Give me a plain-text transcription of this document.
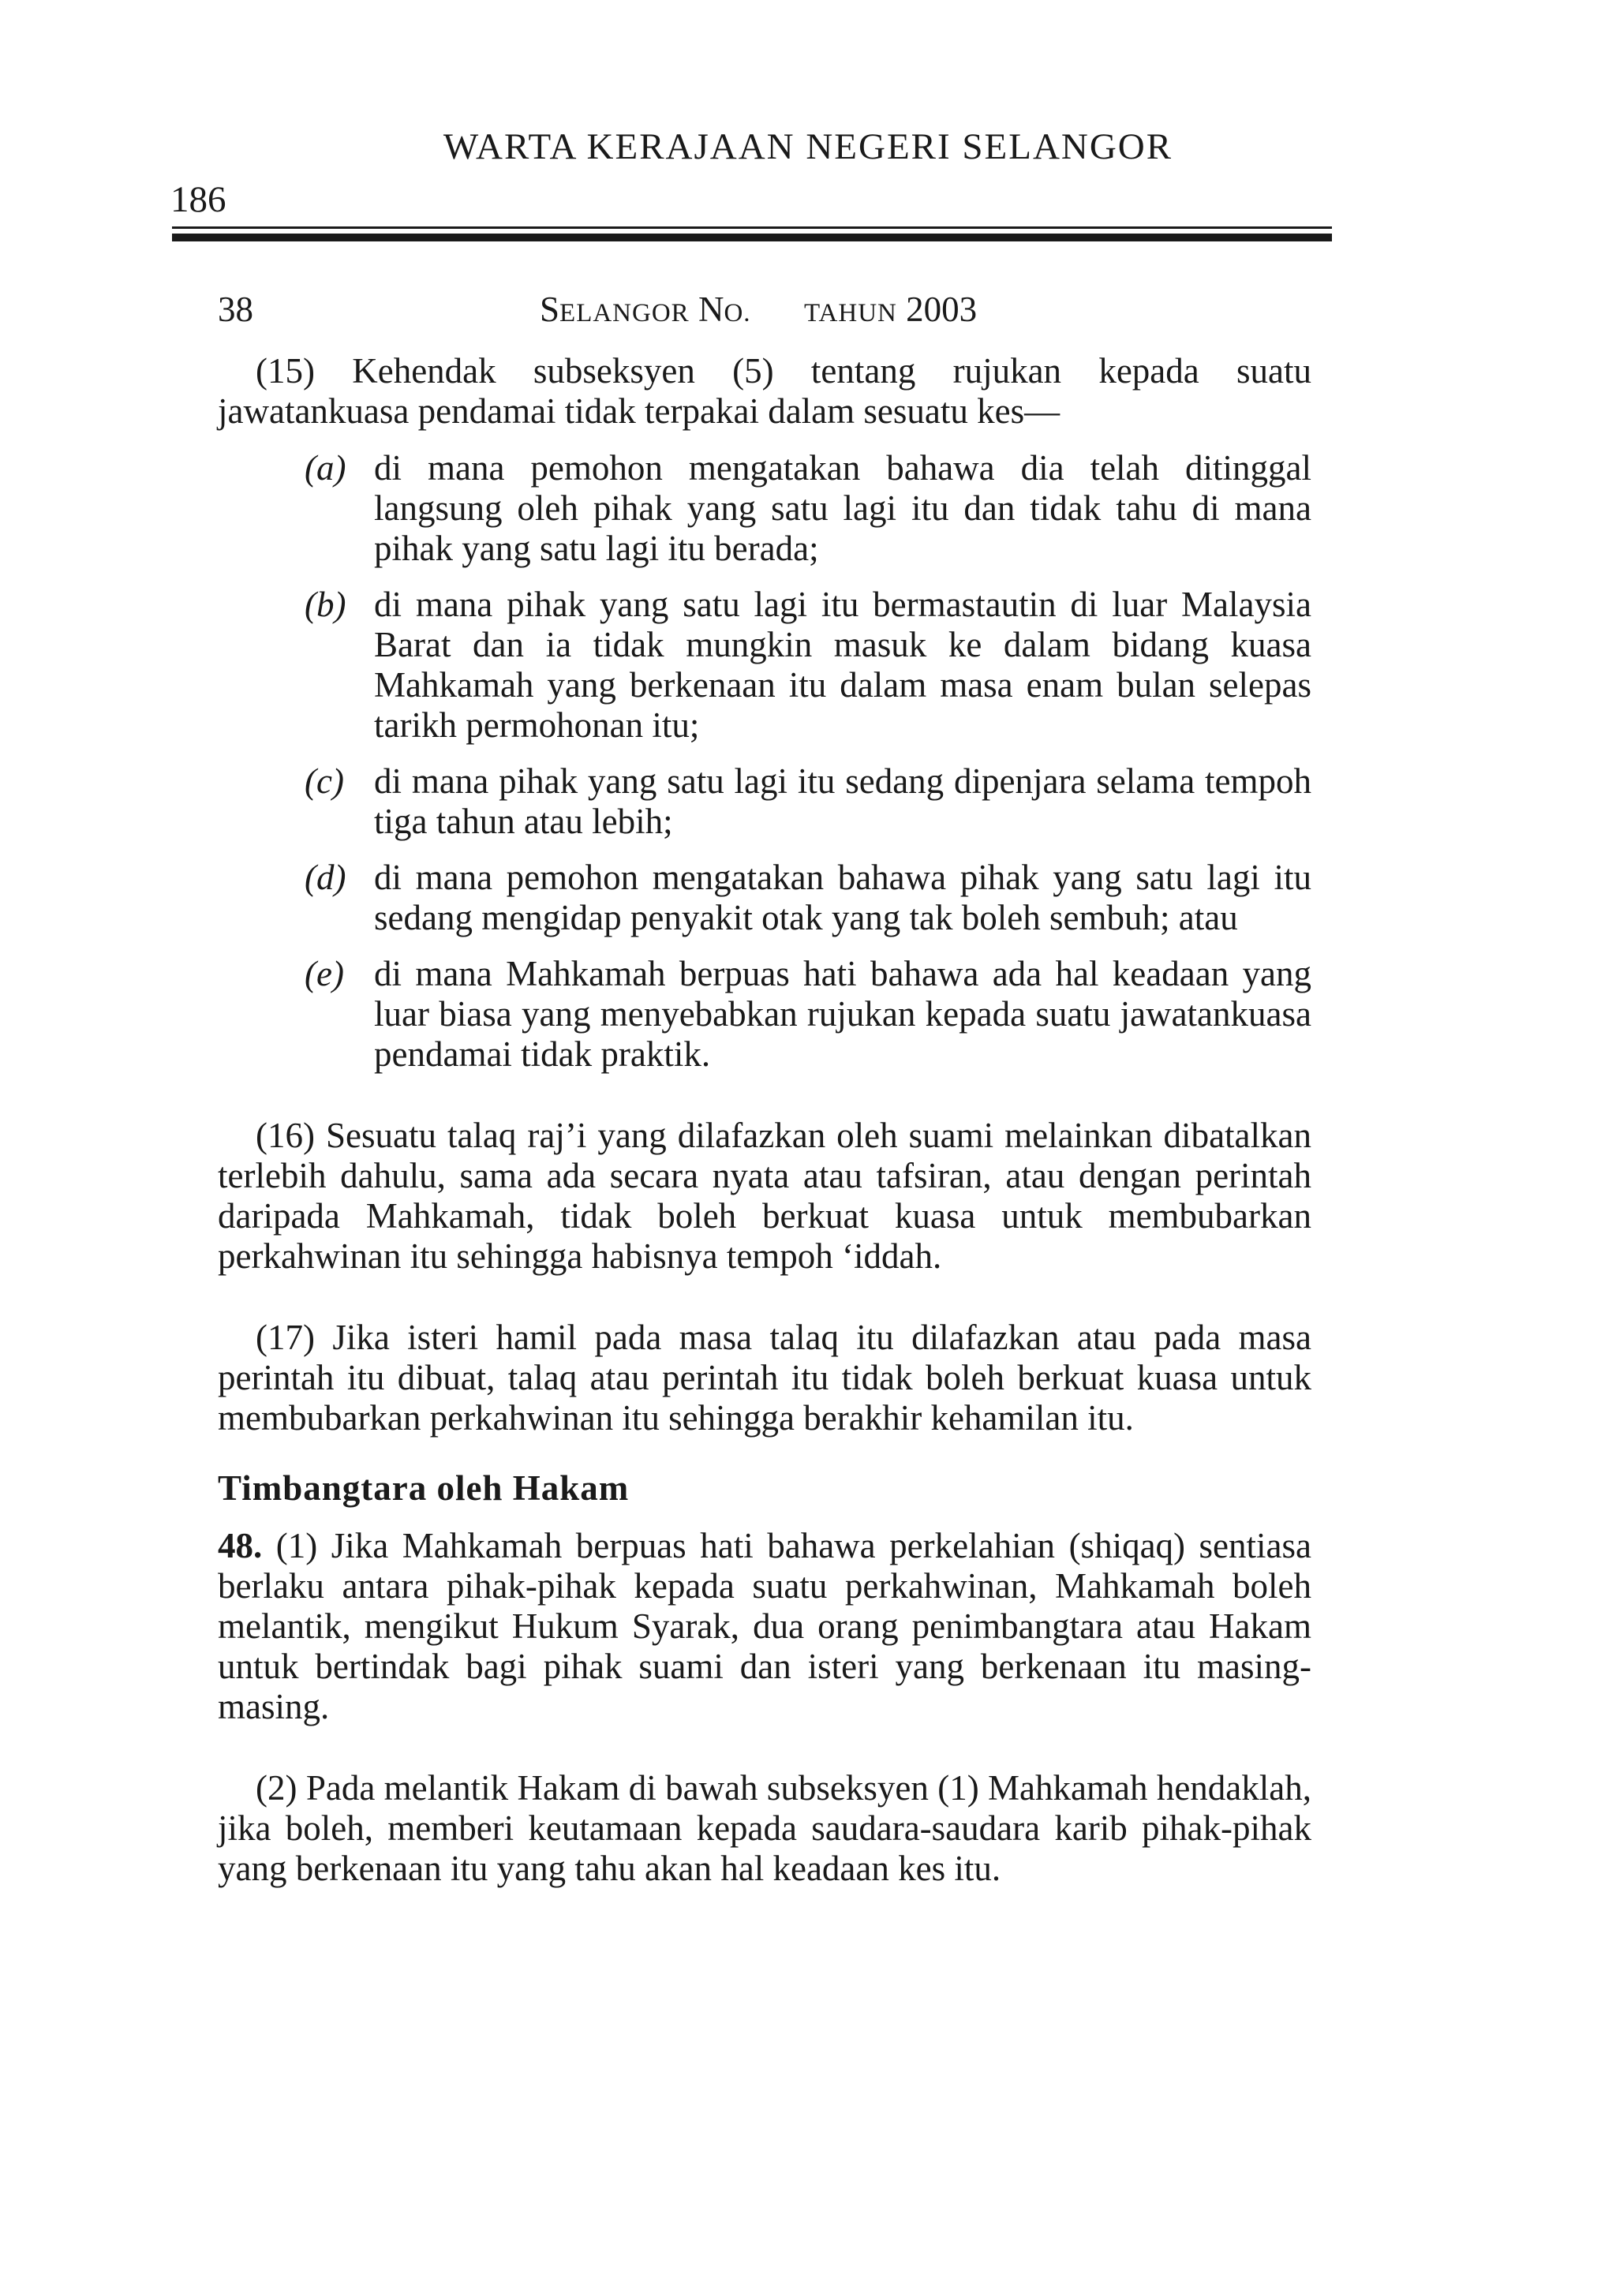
WARTA KERAJAAN NEGERI SELANGOR
186
38	SELANGOR NO. TAHUN 2003

(15) Kehendak subseksyen (5) tentang rujukan kepada suatu jawatankuasa pendamai tidak terpakai dalam sesuatu kes—

(a) di mana pemohon mengatakan bahawa dia telah ditinggal langsung oleh pihak yang satu lagi itu dan tidak tahu di mana pihak yang satu lagi itu berada;
(b) di mana pihak yang satu lagi itu bermastautin di luar Malaysia Barat dan ia tidak mungkin masuk ke dalam bidang kuasa Mahkamah yang berkenaan itu dalam masa enam bulan selepas tarikh permohonan itu;
(c) di mana pihak yang satu lagi itu sedang dipenjara selama tempoh tiga tahun atau lebih;
(d) di mana pemohon mengatakan bahawa pihak yang satu lagi itu sedang mengidap penyakit otak yang tak boleh sembuh; atau
(e) di mana Mahkamah berpuas hati bahawa ada hal keadaan yang luar biasa yang menyebabkan rujukan kepada suatu jawatankuasa pendamai tidak praktik.

(16) Sesuatu talaq raj’i yang dilafazkan oleh suami melainkan dibatalkan terlebih dahulu, sama ada secara nyata atau tafsiran, atau dengan perintah daripada Mahkamah, tidak boleh berkuat kuasa untuk membubarkan perkahwinan itu sehingga habisnya tempoh ‘iddah.

(17) Jika isteri hamil pada masa talaq itu dilafazkan atau pada masa perintah itu dibuat, talaq atau perintah itu tidak boleh berkuat kuasa untuk membubarkan perkahwinan itu sehingga berakhir kehamilan itu.

Timbangtara oleh Hakam

48. (1) Jika Mahkamah berpuas hati bahawa perkelahian (shiqaq) sentiasa berlaku antara pihak-pihak kepada suatu perkahwinan, Mahkamah boleh melantik, mengikut Hukum Syarak, dua orang penimbangtara atau Hakam untuk bertindak bagi pihak suami dan isteri yang berkenaan itu masing-masing.

(2) Pada melantik Hakam di bawah subseksyen (1) Mahkamah hendaklah, jika boleh, memberi keutamaan kepada saudara-saudara karib pihak-pihak yang berkenaan itu yang tahu akan hal keadaan kes itu.
